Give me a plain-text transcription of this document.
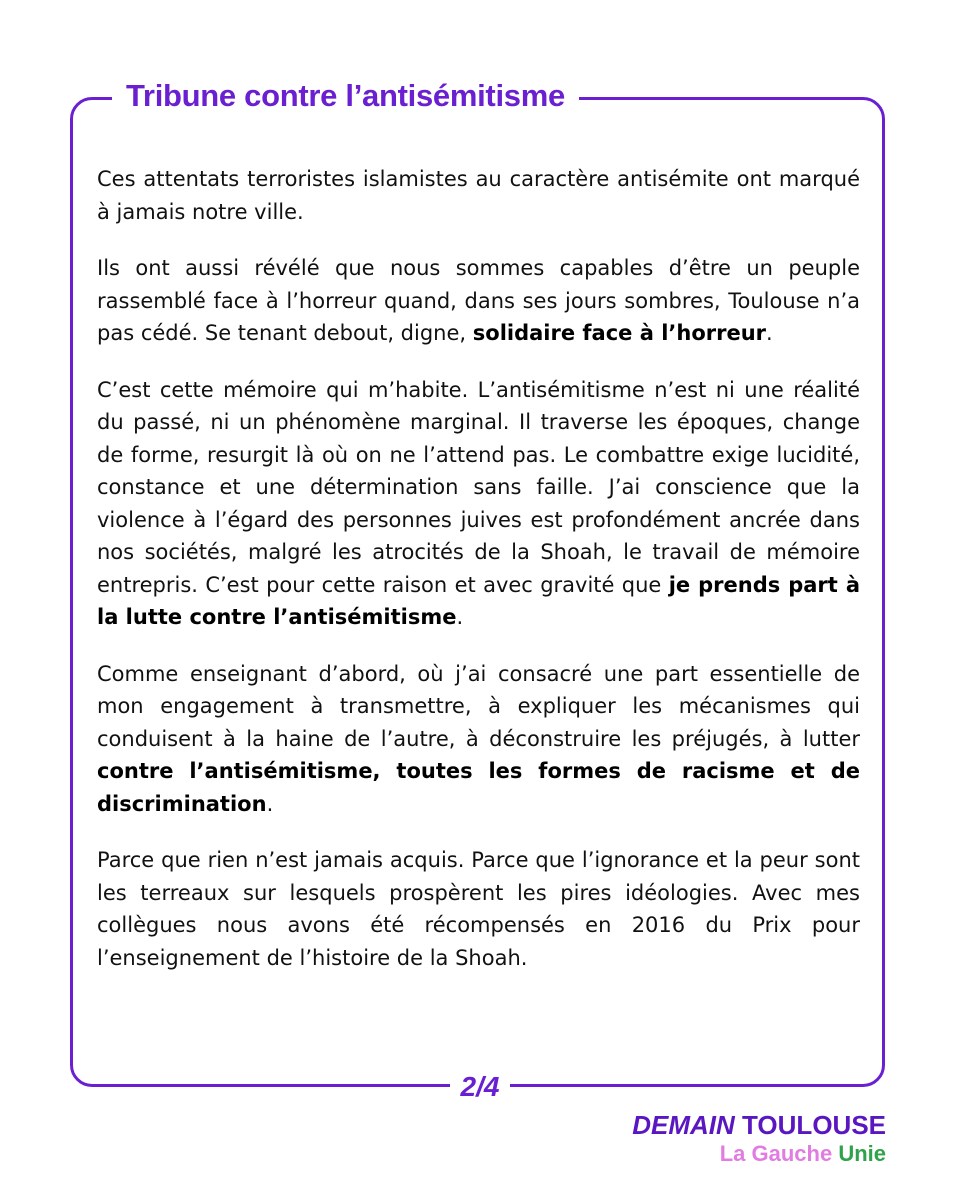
Tribune contre l’antisémitisme

Ces attentats terroristes islamistes au caractère antisémite ont marqué à jamais notre ville.

Ils ont aussi révélé que nous sommes capables d’être un peuple rassemblé face à l’horreur quand, dans ses jours sombres, Toulouse n’a pas cédé. Se tenant debout, digne, solidaire face à l’horreur.

C’est cette mémoire qui m’habite. L’antisémitisme n’est ni une réalité du passé, ni un phénomène marginal. Il traverse les époques, change de forme, resurgit là où on ne l’attend pas. Le combattre exige lucidité, constance et une détermination sans faille. J’ai conscience que la violence à l’égard des personnes juives est profondément ancrée dans nos sociétés, malgré les atrocités de la Shoah, le travail de mémoire entrepris. C’est pour cette raison et avec gravité que je prends part à la lutte contre l’antisémitisme.

Comme enseignant d’abord, où j’ai consacré une part essentielle de mon engagement à transmettre, à expliquer les mécanismes qui conduisent à la haine de l’autre, à déconstruire les préjugés, à lutter contre l’antisémitisme, toutes les formes de racisme et de discrimination.

Parce que rien n’est jamais acquis. Parce que l’ignorance et la peur sont les terreaux sur lesquels prospèrent les pires idéologies. Avec mes collègues nous avons été récompensés en 2016 du Prix pour l’enseignement de l’histoire de la Shoah.

2/4
DEMAIN TOULOUSE
La Gauche Unie
